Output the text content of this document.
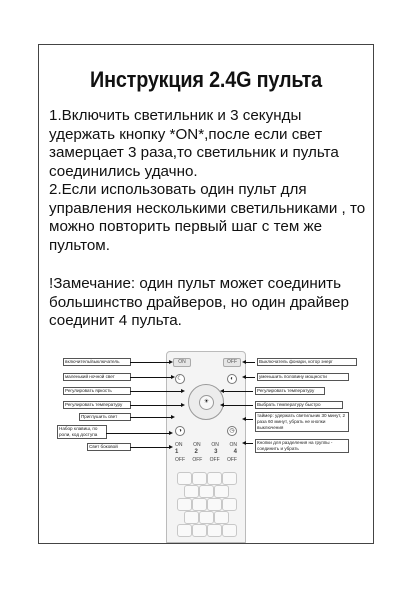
Инструкция 2.4G пульта

1.Включить светильник и 3 секунды удержать кнопку *ON*,после если свет замерцает 3 раза,то светильник и пульта соединились удачно.

2.Если использовать один пульт для управления несколькими светильниками , то можно повторить первый шаг с тем же пультом.

!Замечание: один пульт может соединить большинство драйверов, но один драйвер соединит 4 пульта.

ON	OFF
☾	◐
☀
◑	◷
ON ON ON ON
1	2	3	4
OFF OFF OFF OFF
включитель/выключатель
маленький ночной свет
Регулировать яркость
Регулировать температуру
Приглушить свет
Набор клавиш, по роли, код доступа
Свет боковой
Выключатель фонари, котор энерг
уменьшить половину мощности
Регулировать температуру
Выбрать температуру быстро
таймер: удержать светильник 30 минут, 2 раза 60 минут, убрать не кнопки выключения
Кнопки для разделения на группы - соединить и убрать
